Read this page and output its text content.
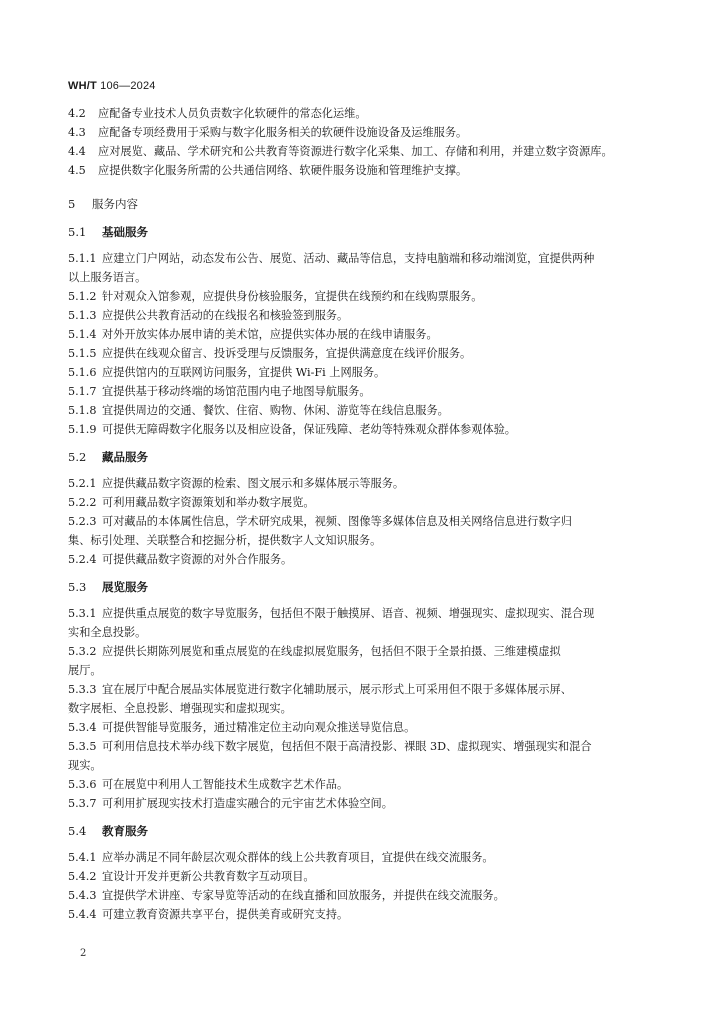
WH/T 106—2024

4.2 应配备专业技术人员负责数字化软硬件的常态化运维。

4.3 应配备专项经费用于采购与数字化服务相关的软硬件设施设备及运维服务。

4.4 应对展览、藏品、学术研究和公共教育等资源进行数字化采集、加工、存储和利用，并建立数字资源库。

4.5 应提供数字化服务所需的公共通信网络、软硬件服务设施和管理维护支撑。

5 服务内容
5.1 基础服务

5.1.1 应建立门户网站，动态发布公告、展览、活动、藏品等信息，支持电脑端和移动端浏览，宜提供两种

以上服务语言。

5.1.2 针对观众入馆参观，应提供身份核验服务，宜提供在线预约和在线购票服务。

5.1.3 应提供公共教育活动的在线报名和核验签到服务。

5.1.4 对外开放实体办展申请的美术馆，应提供实体办展的在线申请服务。

5.1.5 应提供在线观众留言、投诉受理与反馈服务，宜提供满意度在线评价服务。

5.1.6 应提供馆内的互联网访问服务，宜提供 Wi-Fi 上网服务。

5.1.7 宜提供基于移动终端的场馆范围内电子地图导航服务。

5.1.8 宜提供周边的交通、餐饮、住宿、购物、休闲、游览等在线信息服务。

5.1.9 可提供无障碍数字化服务以及相应设备，保证残障、老幼等特殊观众群体参观体验。

5.2 藏品服务

5.2.1 应提供藏品数字资源的检索、图文展示和多媒体展示等服务。

5.2.2 可利用藏品数字资源策划和举办数字展览。

5.2.3 可对藏品的本体属性信息，学术研究成果，视频、图像等多媒体信息及相关网络信息进行数字归

集、标引处理、关联整合和挖掘分析，提供数字人文知识服务。

5.2.4 可提供藏品数字资源的对外合作服务。

5.3 展览服务

5.3.1 应提供重点展览的数字导览服务，包括但不限于触摸屏、语音、视频、增强现实、虚拟现实、混合现

实和全息投影。

5.3.2 应提供长期陈列展览和重点展览的在线虚拟展览服务，包括但不限于全景拍摄、三维建模虚拟

展厅。

5.3.3 宜在展厅中配合展品实体展览进行数字化辅助展示，展示形式上可采用但不限于多媒体展示屏、

数字展柜、全息投影、增强现实和虚拟现实。

5.3.4 可提供智能导览服务，通过精准定位主动向观众推送导览信息。

5.3.5 可利用信息技术举办线下数字展览，包括但不限于高清投影、裸眼 3D、虚拟现实、增强现实和混合

现实。

5.3.6 可在展览中利用人工智能技术生成数字艺术作品。

5.3.7 可利用扩展现实技术打造虚实融合的元宇宙艺术体验空间。

5.4 教育服务

5.4.1 应举办满足不同年龄层次观众群体的线上公共教育项目，宜提供在线交流服务。

5.4.2 宜设计开发并更新公共教育数字互动项目。

5.4.3 宜提供学术讲座、专家导览等活动的在线直播和回放服务，并提供在线交流服务。

5.4.4 可建立教育资源共享平台，提供美育或研究支持。

2
